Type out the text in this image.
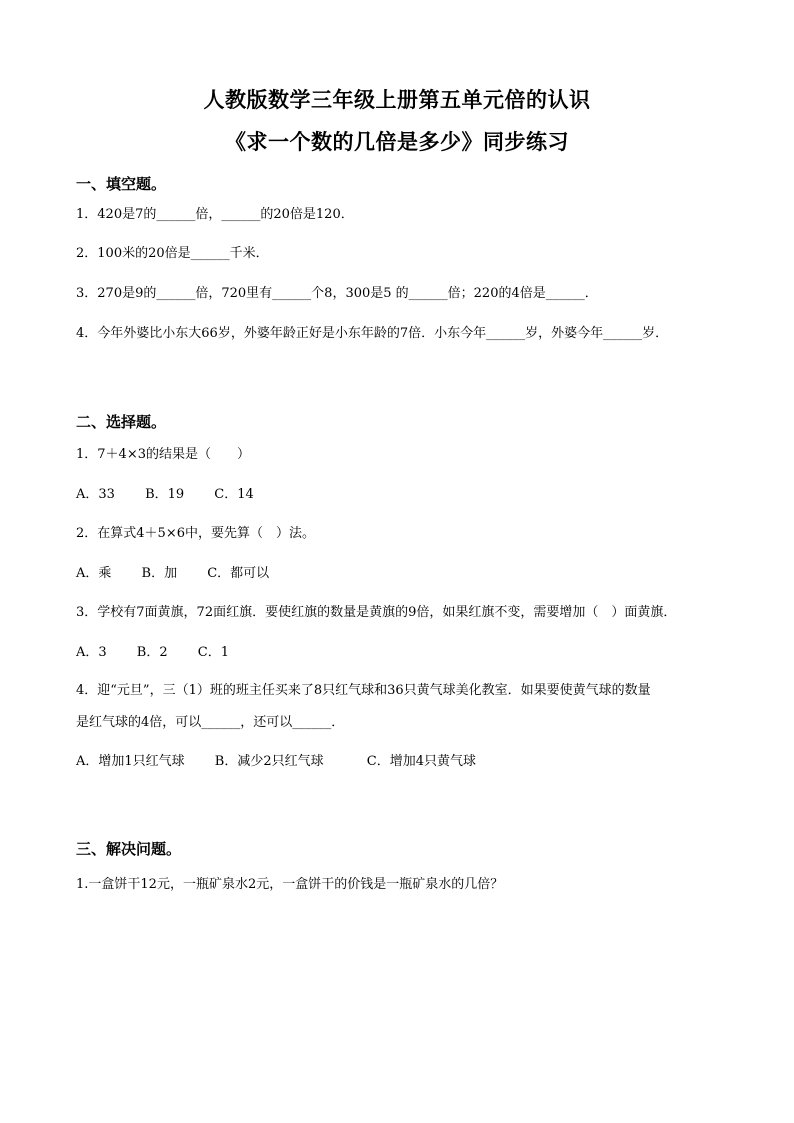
人教版数学三年级上册第五单元倍的认识
《求一个数的几倍是多少》同步练习
一、填空题。
1．420是7的______倍，______的20倍是120．
2．100米的20倍是______千米．
3．270是9的______倍，720里有______个8，300是5 的______倍；220的4倍是______．
4．今年外婆比小东大66岁，外婆年龄正好是小东年龄的7倍．小东今年______岁，外婆今年______岁．
二、选择题。
1．7＋4×3的结果是（　　）
A．33　　 B．19　　 C．14
2．在算式4＋5×6中，要先算（　）法。
A．乘　　 B．加　　 C．都可以
3．学校有7面黄旗，72面红旗．要使红旗的数量是黄旗的9倍，如果红旗不变，需要增加（　）面黄旗．
A．3　　 B．2　　 C．1
4．迎“元旦”，三（1）班的班主任买来了8只红气球和36只黄气球美化教室．如果要使黄气球的数量
是红气球的4倍，可以______，还可以______．
A．增加1只红气球　　 B．减少2只红气球　　　 C．增加4只黄气球
三、解决问题。
1.一盒饼干12元，一瓶矿泉水2元，一盒饼干的价钱是一瓶矿泉水的几倍？
